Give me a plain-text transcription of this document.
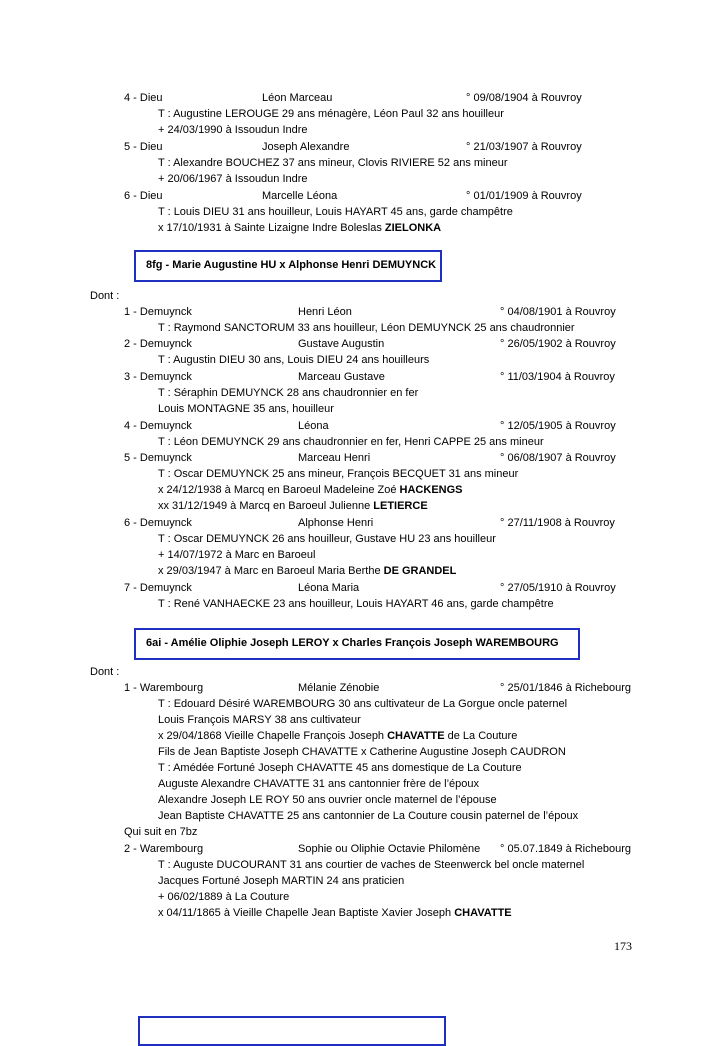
4 - Dieu	Léon Marceau	° 09/08/1904 à Rouvroy
T : Augustine LEROUGE 29 ans ménagère, Léon Paul 32 ans houilleur
+ 24/03/1990 à Issoudun Indre
5 - Dieu	Joseph Alexandre	° 21/03/1907 à Rouvroy
T : Alexandre BOUCHEZ 37 ans mineur, Clovis RIVIERE 52 ans mineur
+ 20/06/1967 à Issoudun Indre
6 - Dieu	Marcelle Léona	° 01/01/1909 à Rouvroy
T : Louis DIEU 31 ans houilleur, Louis HAYART 45 ans, garde champêtre
x 17/10/1931 à Sainte Lizaigne Indre Boleslas ZIELONKA
8fg - Marie Augustine HU x Alphonse Henri DEMUYNCK
Dont :
1 - Demuynck	Henri Léon	° 04/08/1901 à Rouvroy
T : Raymond SANCTORUM 33 ans houilleur, Léon DEMUYNCK 25 ans chaudronnier
2 - Demuynck	Gustave Augustin	° 26/05/1902 à Rouvroy
T : Augustin DIEU 30 ans, Louis DIEU 24 ans houilleurs
3 - Demuynck	Marceau Gustave	° 11/03/1904 à Rouvroy
T : Séraphin DEMUYNCK 28 ans chaudronnier en fer
Louis MONTAGNE 35 ans, houilleur
4 - Demuynck	Léona	° 12/05/1905 à Rouvroy
T : Léon DEMUYNCK 29 ans chaudronnier en fer, Henri CAPPE 25 ans mineur
5 - Demuynck	Marceau Henri	° 06/08/1907 à Rouvroy
T : Oscar DEMUYNCK 25 ans mineur, François BECQUET 31 ans mineur
x 24/12/1938 à Marcq en Baroeul Madeleine Zoé HACKENGS
xx 31/12/1949 à Marcq en Baroeul Julienne LETIERCE
6 - Demuynck	Alphonse Henri	° 27/11/1908 à Rouvroy
T : Oscar DEMUYNCK 26 ans houilleur, Gustave HU 23 ans houilleur
+ 14/07/1972 à Marc en Baroeul
x 29/03/1947 à Marc en Baroeul Maria Berthe DE GRANDEL
7 - Demuynck	Léona Maria	° 27/05/1910 à Rouvroy
T : René VANHAECKE 23 ans houilleur, Louis HAYART 46 ans, garde champêtre
6ai - Amélie Oliphie Joseph LEROY x Charles François Joseph WAREMBOURG
Dont :
1 - Warembourg	Mélanie Zénobie	° 25/01/1846 à Richebourg
T : Edouard Désiré WAREMBOURG 30 ans cultivateur de La Gorgue oncle paternel
Louis François MARSY 38 ans cultivateur
x 29/04/1868 Vieille Chapelle François Joseph CHAVATTE de La Couture
Fils de Jean Baptiste Joseph CHAVATTE x Catherine Augustine Joseph CAUDRON
T : Amédée Fortuné Joseph CHAVATTE 45 ans domestique de La Couture
Auguste Alexandre CHAVATTE 31 ans cantonnier frère de l’époux
Alexandre Joseph LE ROY 50 ans ouvrier oncle maternel de l’épouse
Jean Baptiste CHAVATTE 25 ans cantonnier de La Couture cousin paternel de l’époux
Qui suit en 7bz
2 - Warembourg	Sophie ou Oliphie Octavie Philomène ° 05.07.1849 à Richebourg
T : Auguste DUCOURANT 31 ans courtier de vaches de Steenwerck bel oncle maternel
Jacques Fortuné Joseph MARTIN 24 ans praticien
+ 06/02/1889 à La Couture
x 04/11/1865 à Vieille Chapelle Jean Baptiste Xavier Joseph CHAVATTE
173
